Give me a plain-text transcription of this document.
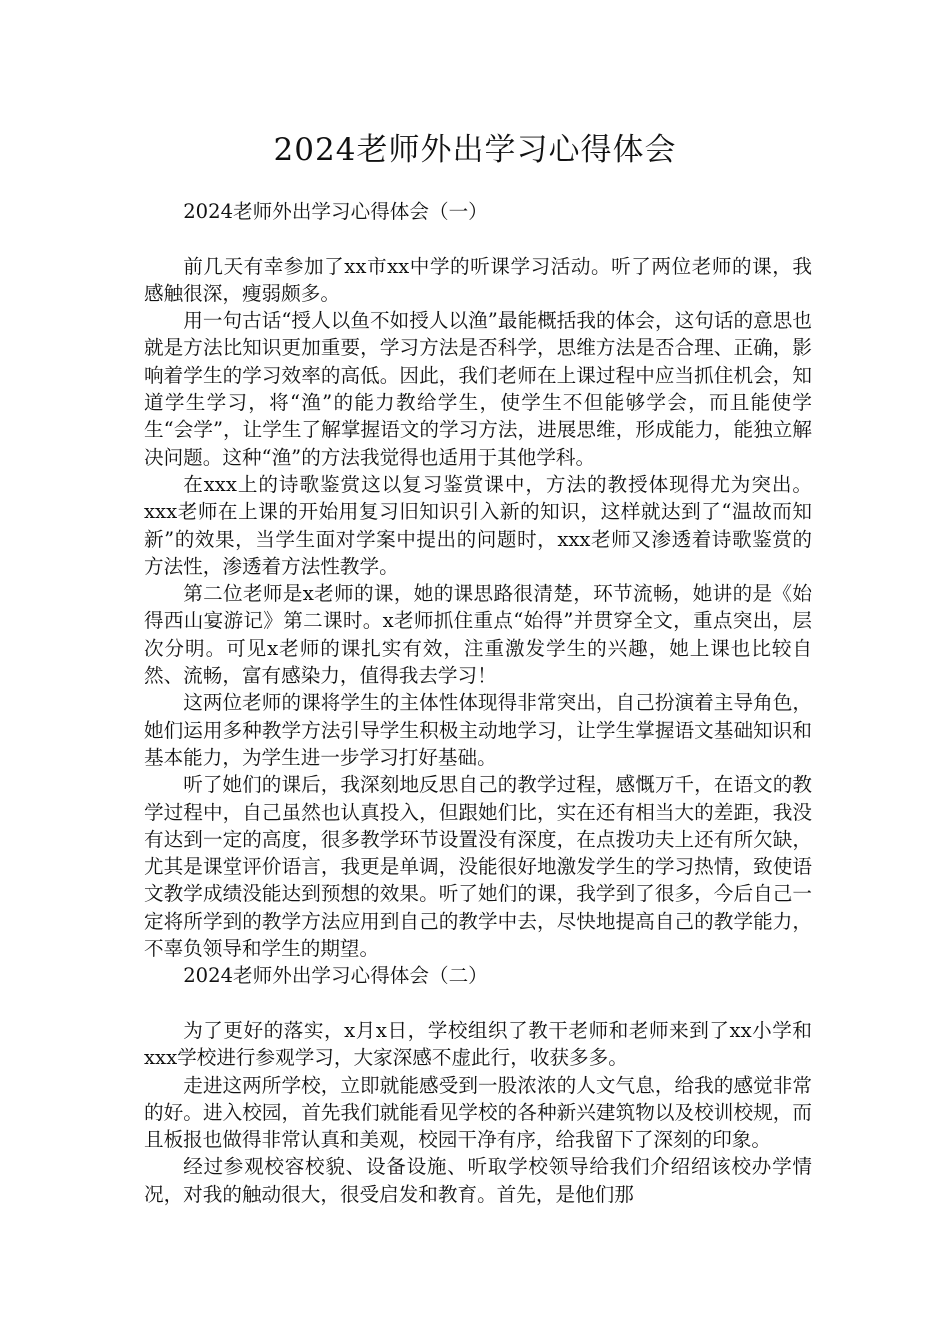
2024老师外出学习心得体会

2024老师外出学习心得体会（一）

前几天有幸参加了xx市xx中学的听课学习活动。听了两位老师的课，我感触很深，瘦弱颇多。

用一句古话“授人以鱼不如授人以渔”最能概括我的体会，这句话的意思也就是方法比知识更加重要，学习方法是否科学，思维方法是否合理、正确，影响着学生的学习效率的高低。因此，我们老师在上课过程中应当抓住机会，知道学生学习，将“渔”的能力教给学生，使学生不但能够学会，而且能使学生“会学”，让学生了解掌握语文的学习方法，进展思维，形成能力，能独立解决问题。这种“渔”的方法我觉得也适用于其他学科。

在xxx上的诗歌鉴赏这以复习鉴赏课中，方法的教授体现得尤为突出。xxx老师在上课的开始用复习旧知识引入新的知识，这样就达到了“温故而知新”的效果，当学生面对学案中提出的问题时，xxx老师又渗透着诗歌鉴赏的方法性，渗透着方法性教学。

第二位老师是x老师的课，她的课思路很清楚，环节流畅，她讲的是《始得西山宴游记》第二课时。x老师抓住重点“始得”并贯穿全文，重点突出，层次分明。可见x老师的课扎实有效，注重激发学生的兴趣，她上课也比较自然、流畅，富有感染力，值得我去学习！

这两位老师的课将学生的主体性体现得非常突出，自己扮演着主导角色，她们运用多种教学方法引导学生积极主动地学习，让学生掌握语文基础知识和基本能力，为学生进一步学习打好基础。

听了她们的课后，我深刻地反思自己的教学过程，感慨万千，在语文的教学过程中，自己虽然也认真投入，但跟她们比，实在还有相当大的差距，我没有达到一定的高度，很多教学环节设置没有深度，在点拨功夫上还有所欠缺，尤其是课堂评价语言，我更是单调，没能很好地激发学生的学习热情，致使语文教学成绩没能达到预想的效果。听了她们的课，我学到了很多，今后自己一定将所学到的教学方法应用到自己的教学中去，尽快地提高自己的教学能力，不辜负领导和学生的期望。

2024老师外出学习心得体会（二）

为了更好的落实，x月x日，学校组织了教干老师和老师来到了xx小学和xxx学校进行参观学习，大家深感不虚此行，收获多多。

走进这两所学校，立即就能感受到一股浓浓的人文气息，给我的感觉非常的好。进入校园，首先我们就能看见学校的各种新兴建筑物以及校训校规，而且板报也做得非常认真和美观，校园干净有序，给我留下了深刻的印象。

经过参观校容校貌、设备设施、听取学校领导给我们介绍绍该校办学情况，对我的触动很大，很受启发和教育。首先，是他们那
